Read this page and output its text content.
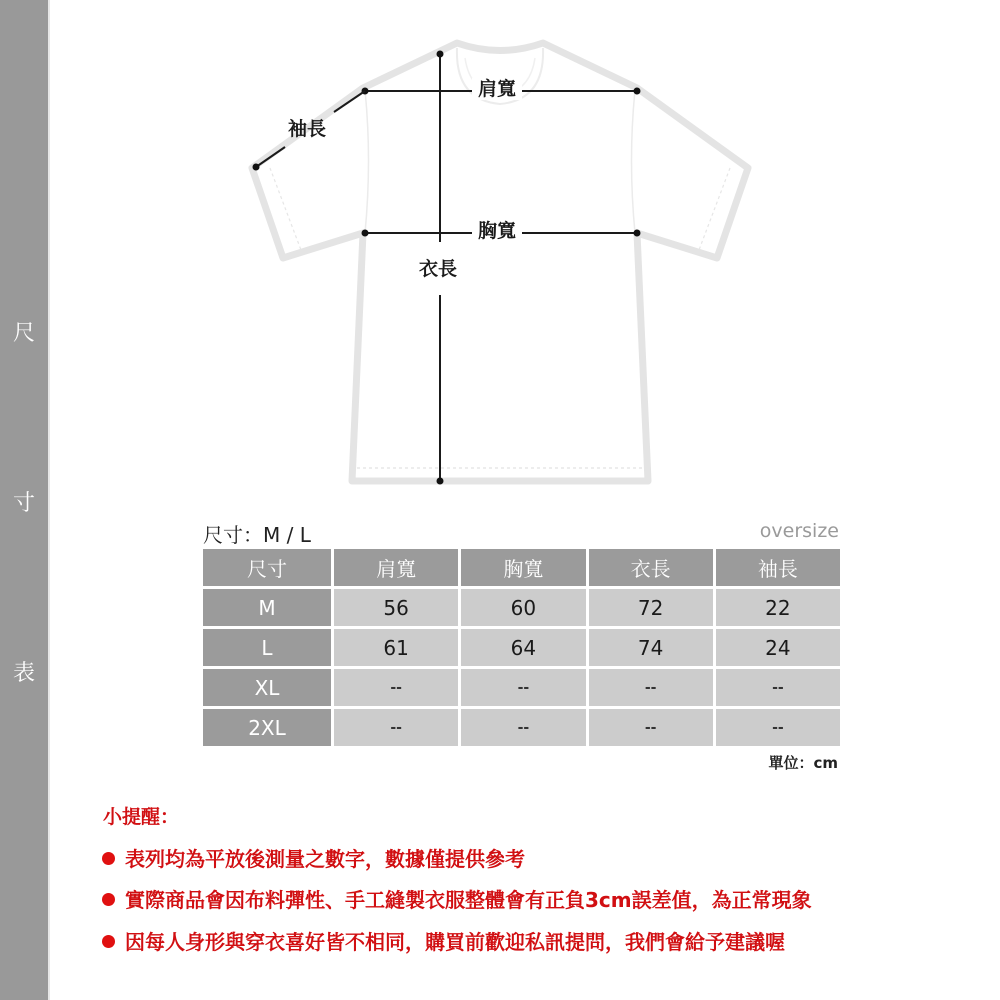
尺
寸
表
肩寬
袖長
胸寬
衣長
尺寸：M / L	oversize
尺寸	肩寬	胸寬	衣長	袖長
M	56	60	72	22
L	61	64	74	24
XL	--	--	--	--
2XL	--	--	--	--
單位：cm
小提醒：
表列均為平放後測量之數字，數據僅提供參考
實際商品會因布料彈性、手工縫製衣服整體會有正負3cm誤差值，為正常現象
因每人身形與穿衣喜好皆不相同，購買前歡迎私訊提問，我們會給予建議喔
